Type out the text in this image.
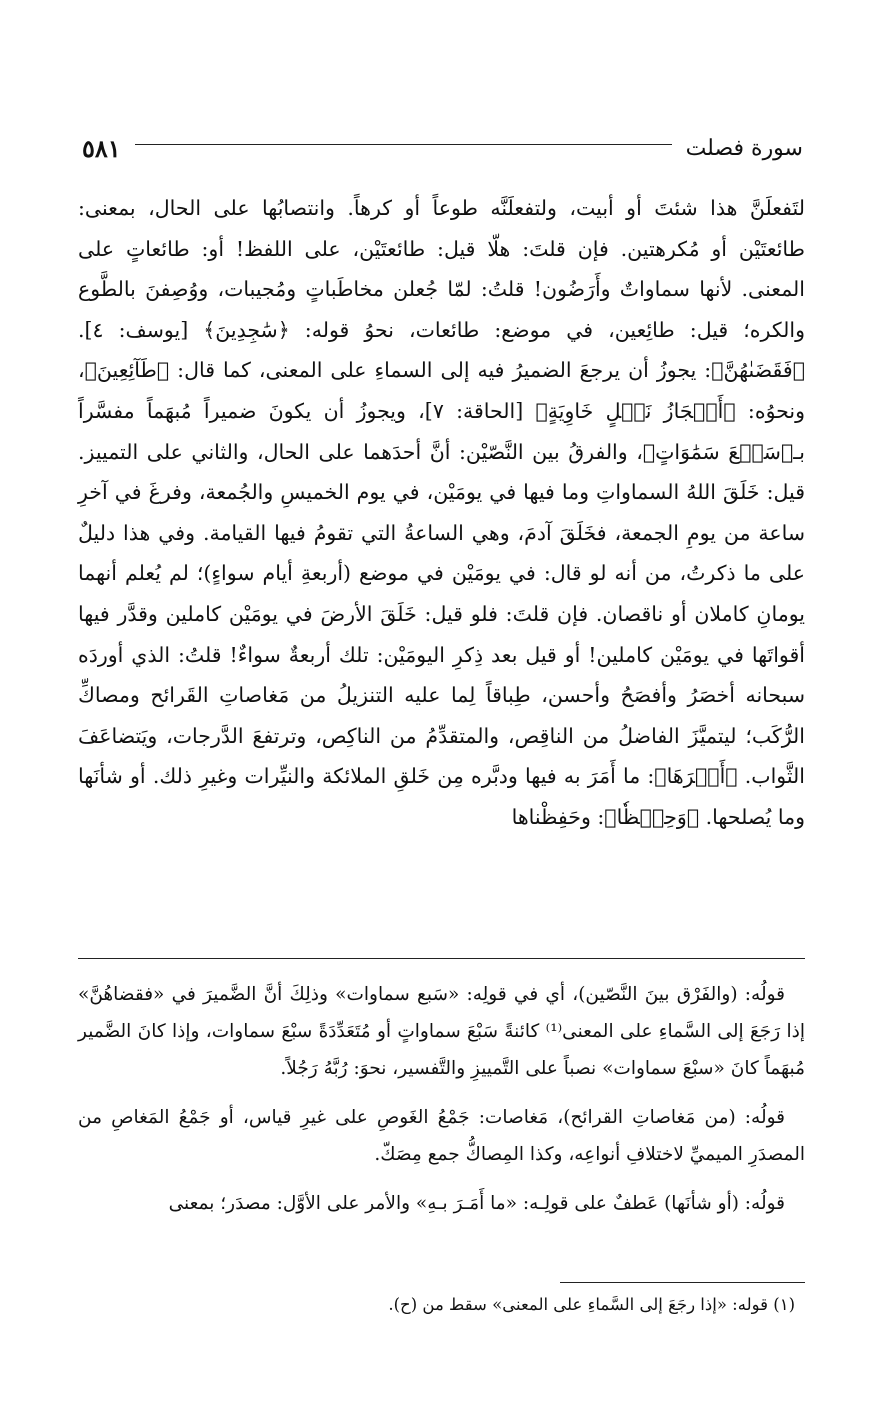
سورة فصلت
٥٨١

لتَفعلَنَّ هذا شئتَ أو أبيت، ولتفعلَنَّه طوعاً أو كرهاً. وانتصابُها على الحال، بمعنى: طائعتَيْن أو مُكرهتين. فإن قلتَ: هلّا قيل: طائعتَيْن، على اللفظ! أو: طائعاتٍ على المعنى. لأنها سماواتٌ وأَرَضُون! قلتُ: لمّا جُعلن مخاطَباتٍ ومُجيبات، ووُصِفنَ بالطَّوع والكره؛ قيل: طائِعين، في موضع: طائعات، نحوُ قوله: ﴿سَٰجِدِينَ﴾ [يوسف: ٤]. ﴿فَقَضَىٰهُنَّ﴾: يجوزُ أن يرجعَ الضميرُ فيه إلى السماءِ على المعنى، كما قال: ﴿طَآئِعِينَ﴾، ونحوُه: ﴿أَعۡجَازُ نَخۡلٍ خَاوِيَةٍ﴾ [الحاقة: ٧]، ويجوزُ أن يكونَ ضميراً مُبهَماً مفسَّراً بـ﴿سَبۡعَ سَمَٰوَاتٍ﴾، والفرقُ بين النَّصّيْن: أنَّ أحدَهما على الحال، والثاني على التمييز. قيل: خَلَقَ اللهُ السماواتِ وما فيها في يومَيْن، في يوم الخميسِ والجُمعة، وفرغَ في آخرِ ساعة من يومِ الجمعة، فخَلَقَ آدمَ، وهي الساعةُ التي تقومُ فيها القيامة. وفي هذا دليلٌ على ما ذكرتُ، من أنه لو قال: في يومَيْن في موضع (أربعةِ أيام سواءٍ)؛ لم يُعلم أنهما يومانِ كاملان أو ناقصان. فإن قلتَ: فلو قيل: خَلَقَ الأرضَ في يومَيْن كاملين وقدَّر فيها أقواتَها في يومَيْن كاملين! أو قيل بعد ذِكرِ اليومَيْن: تلك أربعةٌ سواءٌ! قلتُ: الذي أوردَه سبحانه أخصَرُ وأفصَحُ وأحسن، طِباقاً لِما عليه التنزيلُ من مَغاصاتِ القَرائح ومصاكِّ الرُّكَب؛ ليتميَّزَ الفاضلُ من الناقِص، والمتقدِّمُ من الناكِص، وترتفعَ الدَّرجات، ويَتضاعَفَ الثَّواب. ﴿أَمۡرَهَا﴾: ما أَمَرَ به فيها ودبَّره مِن خَلقِ الملائكة والنيِّرات وغيرِ ذلك. أو شأنَها وما يُصلحها. ﴿وَحِفۡظٗا﴾: وحَفِظْناها

قولُه: (والفَرْق بينَ النَّصّين)، أي في قولِه: «سَبع سماوات» وذلِكَ أنَّ الضَّميرَ في «فقضاهُنَّ» إذا رَجَعَ إلى السَّماءِ على المعنى⁽¹⁾ كائنةً سَبْعَ سماواتٍ أو مُتَعَدِّدَةً سبْعَ سماوات، وإذا كانَ الضَّمير مُبهَماً كانَ «سبْعَ سماوات» نصباً على التَّمييزِ والتَّفسير، نحوَ: رُبَّهُ رَجُلاً.

قولُه: (من مَغاصاتِ القرائح)، مَغاصات: جَمْعُ الغَوصِ على غيرِ قياس، أو جَمْعُ المَغاصِ من المصدَرِ الميميِّ لاختلافِ أنواعِه، وكذا المِصاكُّ جمع مِصَكّ.

قولُه: (أو شأنَها) عَطفٌ على قولِـه: «ما أَمَـرَ بـهِ» والأمر على الأوَّل: مصدَر؛ بمعنى

(١) قوله: «إذا رجَعَ إلى السَّماءِ على المعنى» سقط من (ح).
